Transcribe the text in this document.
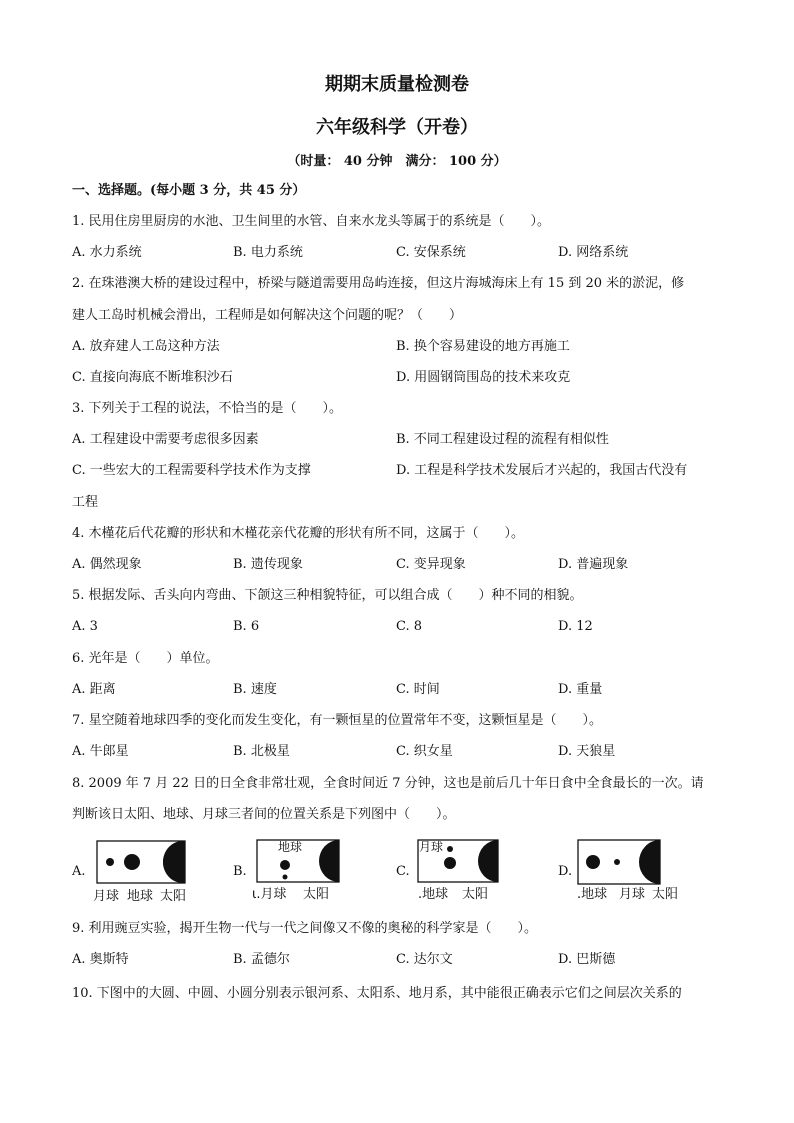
期期末质量检测卷
六年级科学（开卷）
（时量： 40 分钟　满分： 100 分）
一、选择题。(每小题 3 分，共 45 分）
1. 民用住房里厨房的水池、卫生间里的水管、自来水龙头等属于的系统是（　　）。
A. 水力系统	B. 电力系统	C. 安保系统	D. 网络系统
2. 在珠港澳大桥的建设过程中，桥梁与隧道需要用岛屿连接，但这片海城海床上有 15 到 20 米的淤泥，修
建人工岛时机械会滑出，工程师是如何解决这个问题的呢？（　　）
A. 放弃建人工岛这种方法	B. 换个容易建设的地方再施工
C. 直接向海底不断堆积沙石	D. 用圆钢筒围岛的技术来攻克
3. 下列关于工程的说法，不恰当的是（　　）。
A. 工程建设中需要考虑很多因素	B. 不同工程建设过程的流程有相似性
C. 一些宏大的工程需要科学技术作为支撑	D. 工程是科学技术发展后才兴起的，我国古代没有
工程
4. 木槿花后代花瓣的形状和木槿花亲代花瓣的形状有所不同，这属于（　　）。
A. 偶然现象	B. 遗传现象	C. 变异现象	D. 普遍现象
5. 根据发际、舌头向内弯曲、下颌这三种相貌特征，可以组合成（　　）种不同的相貌。
A. 3	B. 6	C. 8	D. 12
6. 光年是（　　）单位。
A. 距离	B. 速度	C. 时间	D. 重量
7. 星空随着地球四季的变化而发生变化，有一颗恒星的位置常年不变，这颗恒星是（　　）。
A. 牛郎星	B. 北极星	C. 织女星	D. 天狼星
8. 2009 年 7 月 22 日的日全食非常壮观，全食时间近 7 分钟，这也是前后几十年日食中全食最长的一次。请
判断该日太阳、地球、月球三者间的位置关系是下列图中（　　）。
A.
月球 地球 太阳
B.
地球
ι.月球 太阳
C.
月球
.地球 太阳
D.
.地球 月球 太阳
9. 利用豌豆实验，揭开生物一代与一代之间像又不像的奥秘的科学家是（　　）。
A. 奥斯特	B. 孟德尔	C. 达尔文	D. 巴斯德
10. 下图中的大圆、中圆、小圆分别表示银河系、太阳系、地月系，其中能很正确表示它们之间层次关系的
